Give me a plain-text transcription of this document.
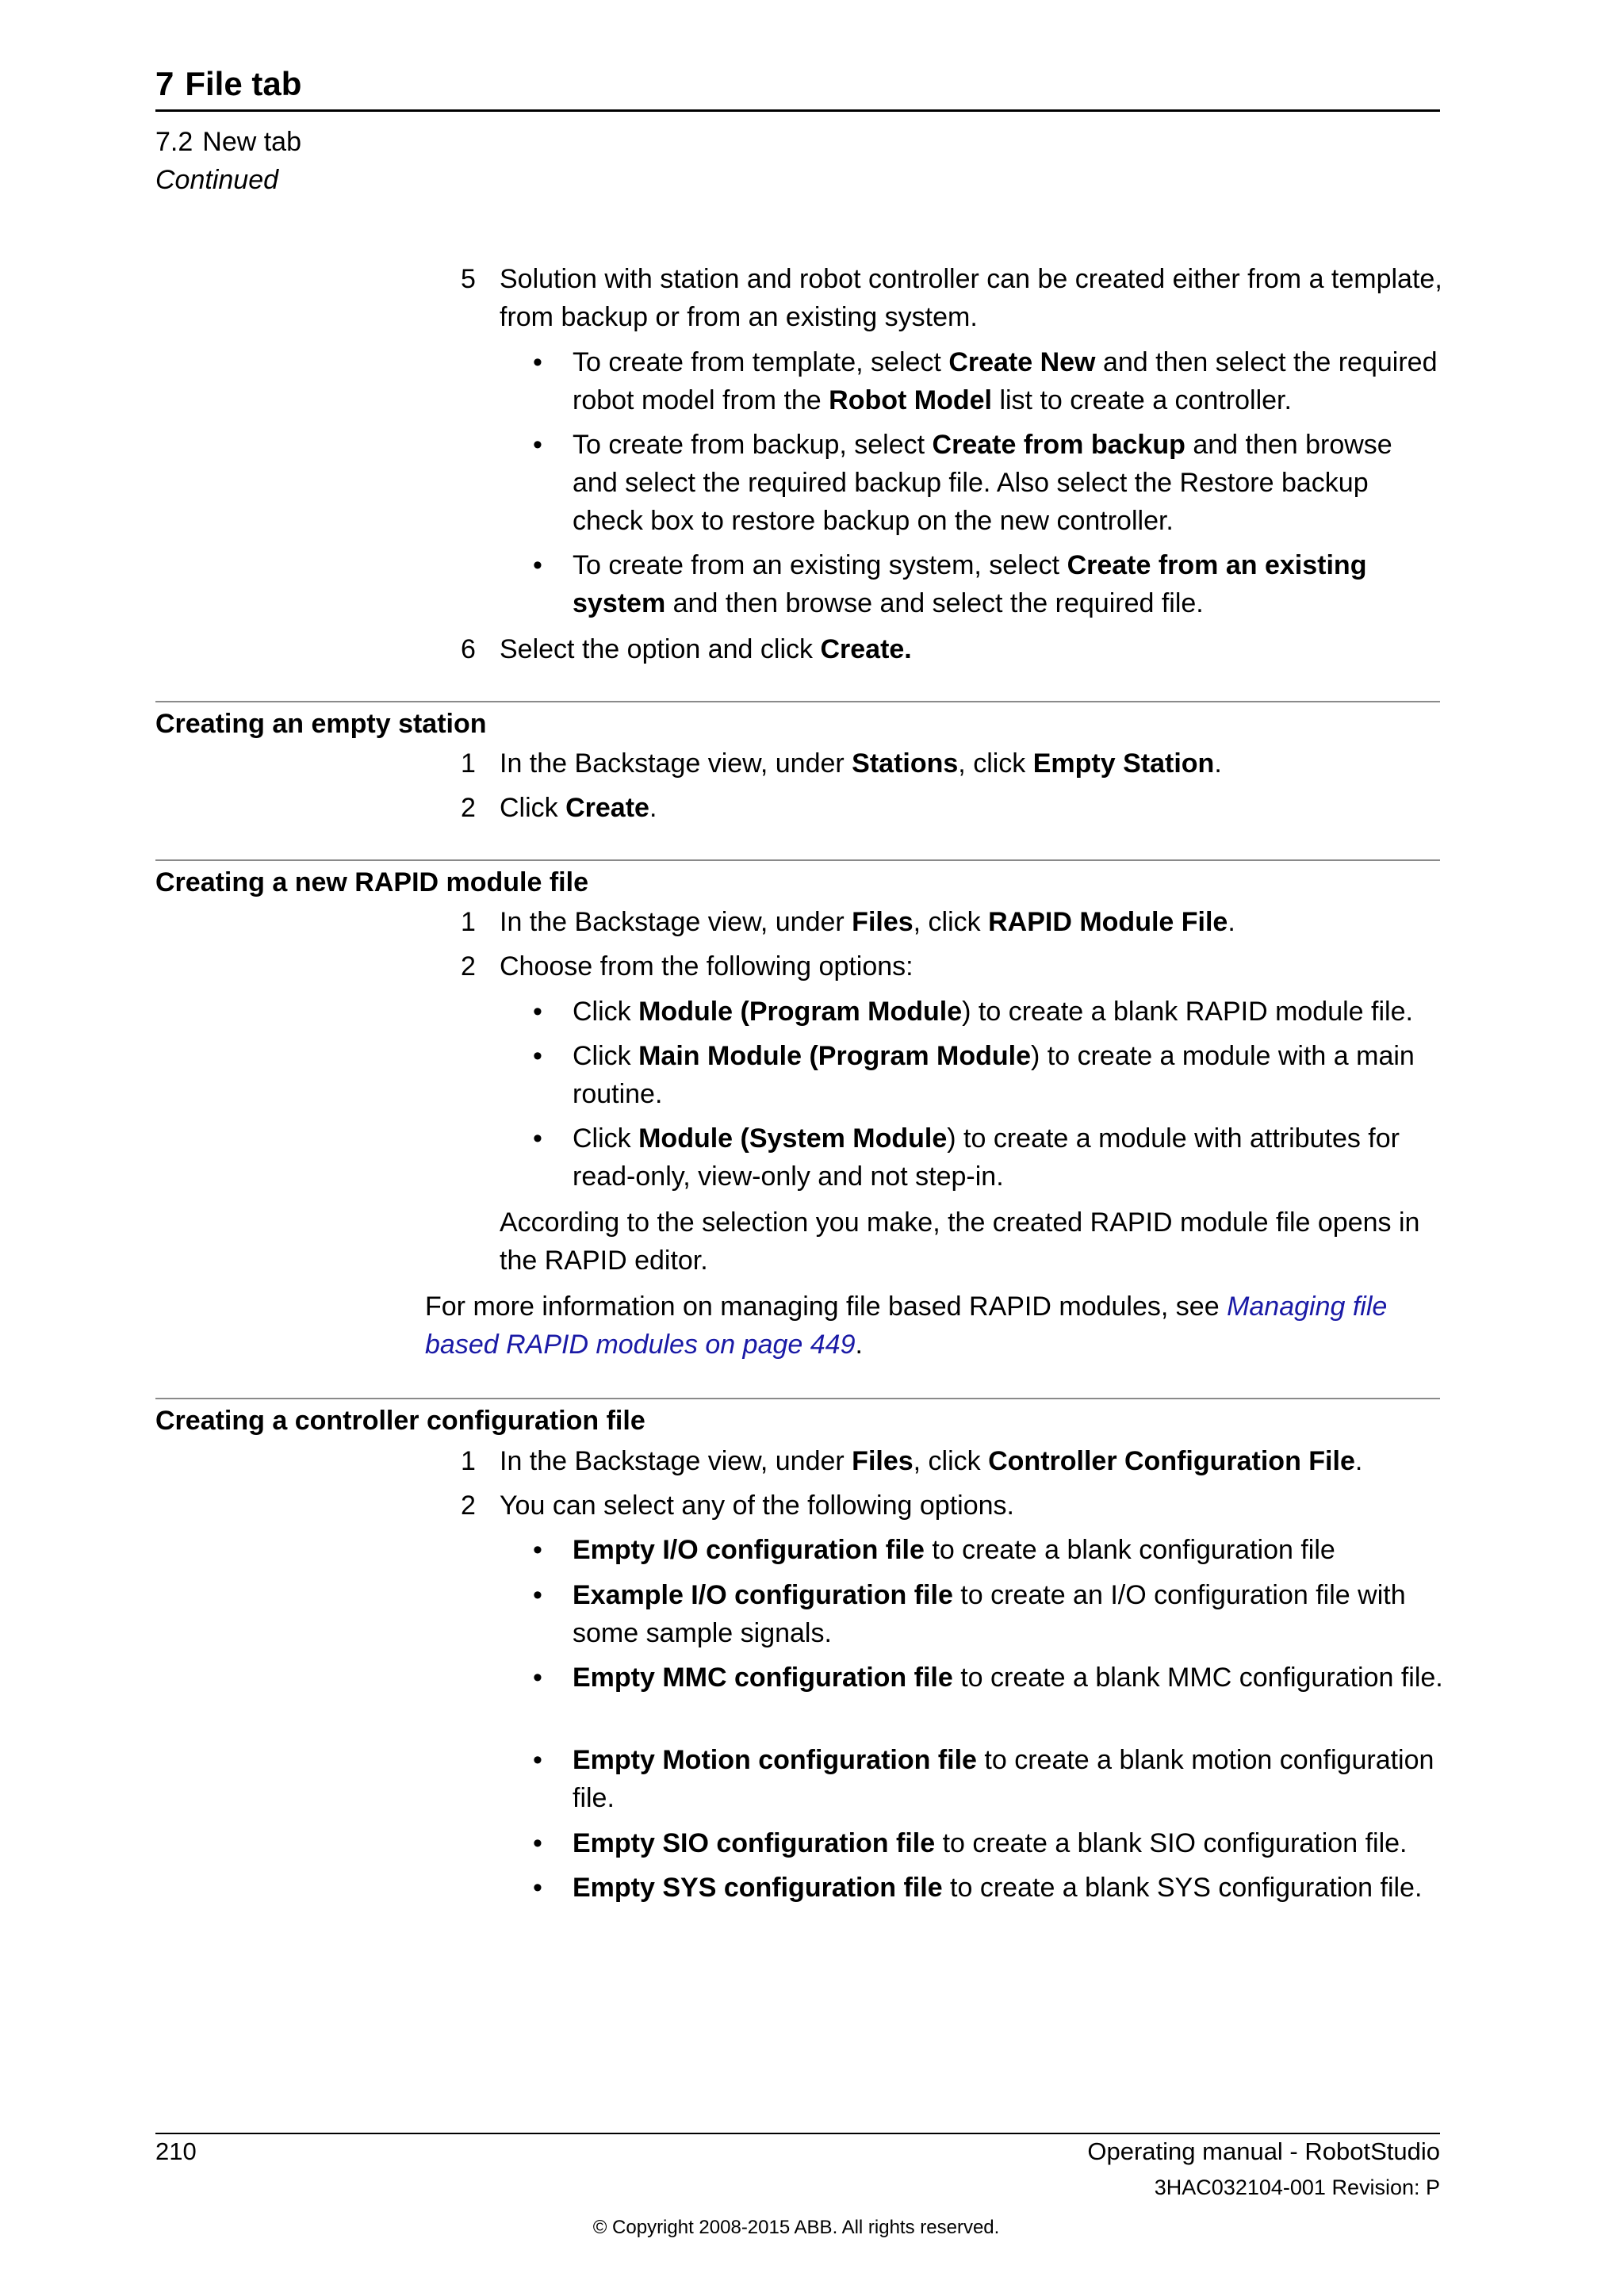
7 File tab
7.2 New tab
Continued
5 Solution with station and robot controller can be created either from a template, from backup or from an existing system.
• To create from template, select Create New and then select the required robot model from the Robot Model list to create a controller.
• To create from backup, select Create from backup and then browse and select the required backup file. Also select the Restore backup check box to restore backup on the new controller.
• To create from an existing system, select Create from an existing system and then browse and select the required file.
6 Select the option and click Create.
Creating an empty station
1 In the Backstage view, under Stations, click Empty Station.
2 Click Create.
Creating a new RAPID module file
1 In the Backstage view, under Files, click RAPID Module File.
2 Choose from the following options:
• Click Module (Program Module) to create a blank RAPID module file.
• Click Main Module (Program Module) to create a module with a main routine.
• Click Module (System Module) to create a module with attributes for read-only, view-only and not step-in.
According to the selection you make, the created RAPID module file opens in the RAPID editor.
For more information on managing file based RAPID modules, see Managing file based RAPID modules on page 449.
Creating a controller configuration file
1 In the Backstage view, under Files, click Controller Configuration File.
2 You can select any of the following options.
• Empty I/O configuration file to create a blank configuration file
• Example I/O configuration file to create an I/O configuration file with some sample signals.
• Empty MMC configuration file to create a blank MMC configuration file.
• Empty Motion configuration file to create a blank motion configuration file.
• Empty SIO configuration file to create a blank SIO configuration file.
• Empty SYS configuration file to create a blank SYS configuration file.
210	Operating manual - RobotStudio
3HAC032104-001 Revision: P
© Copyright 2008-2015 ABB. All rights reserved.
